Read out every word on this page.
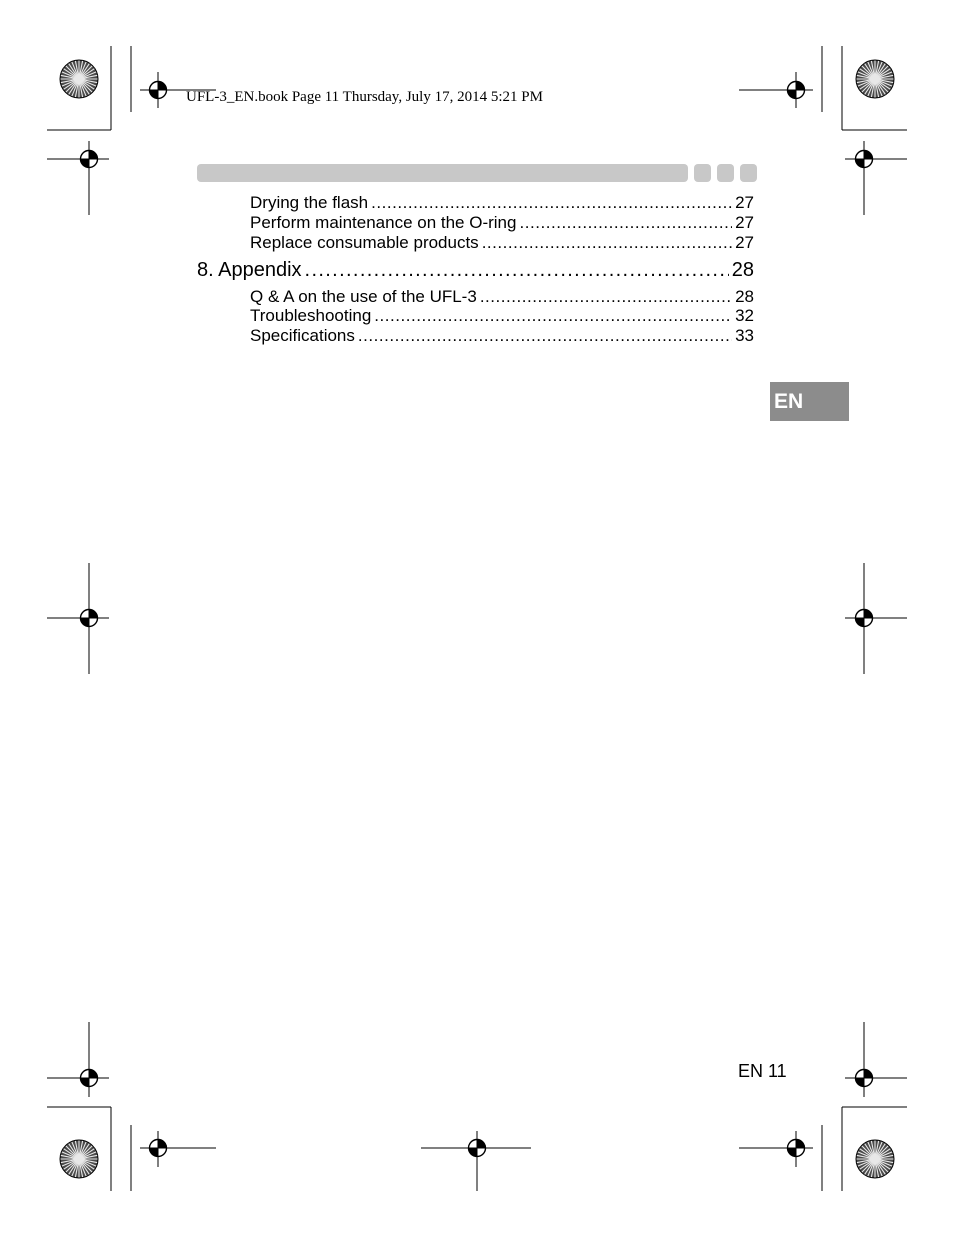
UFL-3_EN.book Page 11 Thursday, July 17, 2014 5:21 PM
Drying the flash . . .	27
Perform maintenance on the O-ring . . .	27
Replace consumable products . . .	27
8. Appendix . . .	28
Q & A on the use of the UFL-3 . . .	28
Troubleshooting . . .	32
Specifications . . .	33
EN
EN 11
